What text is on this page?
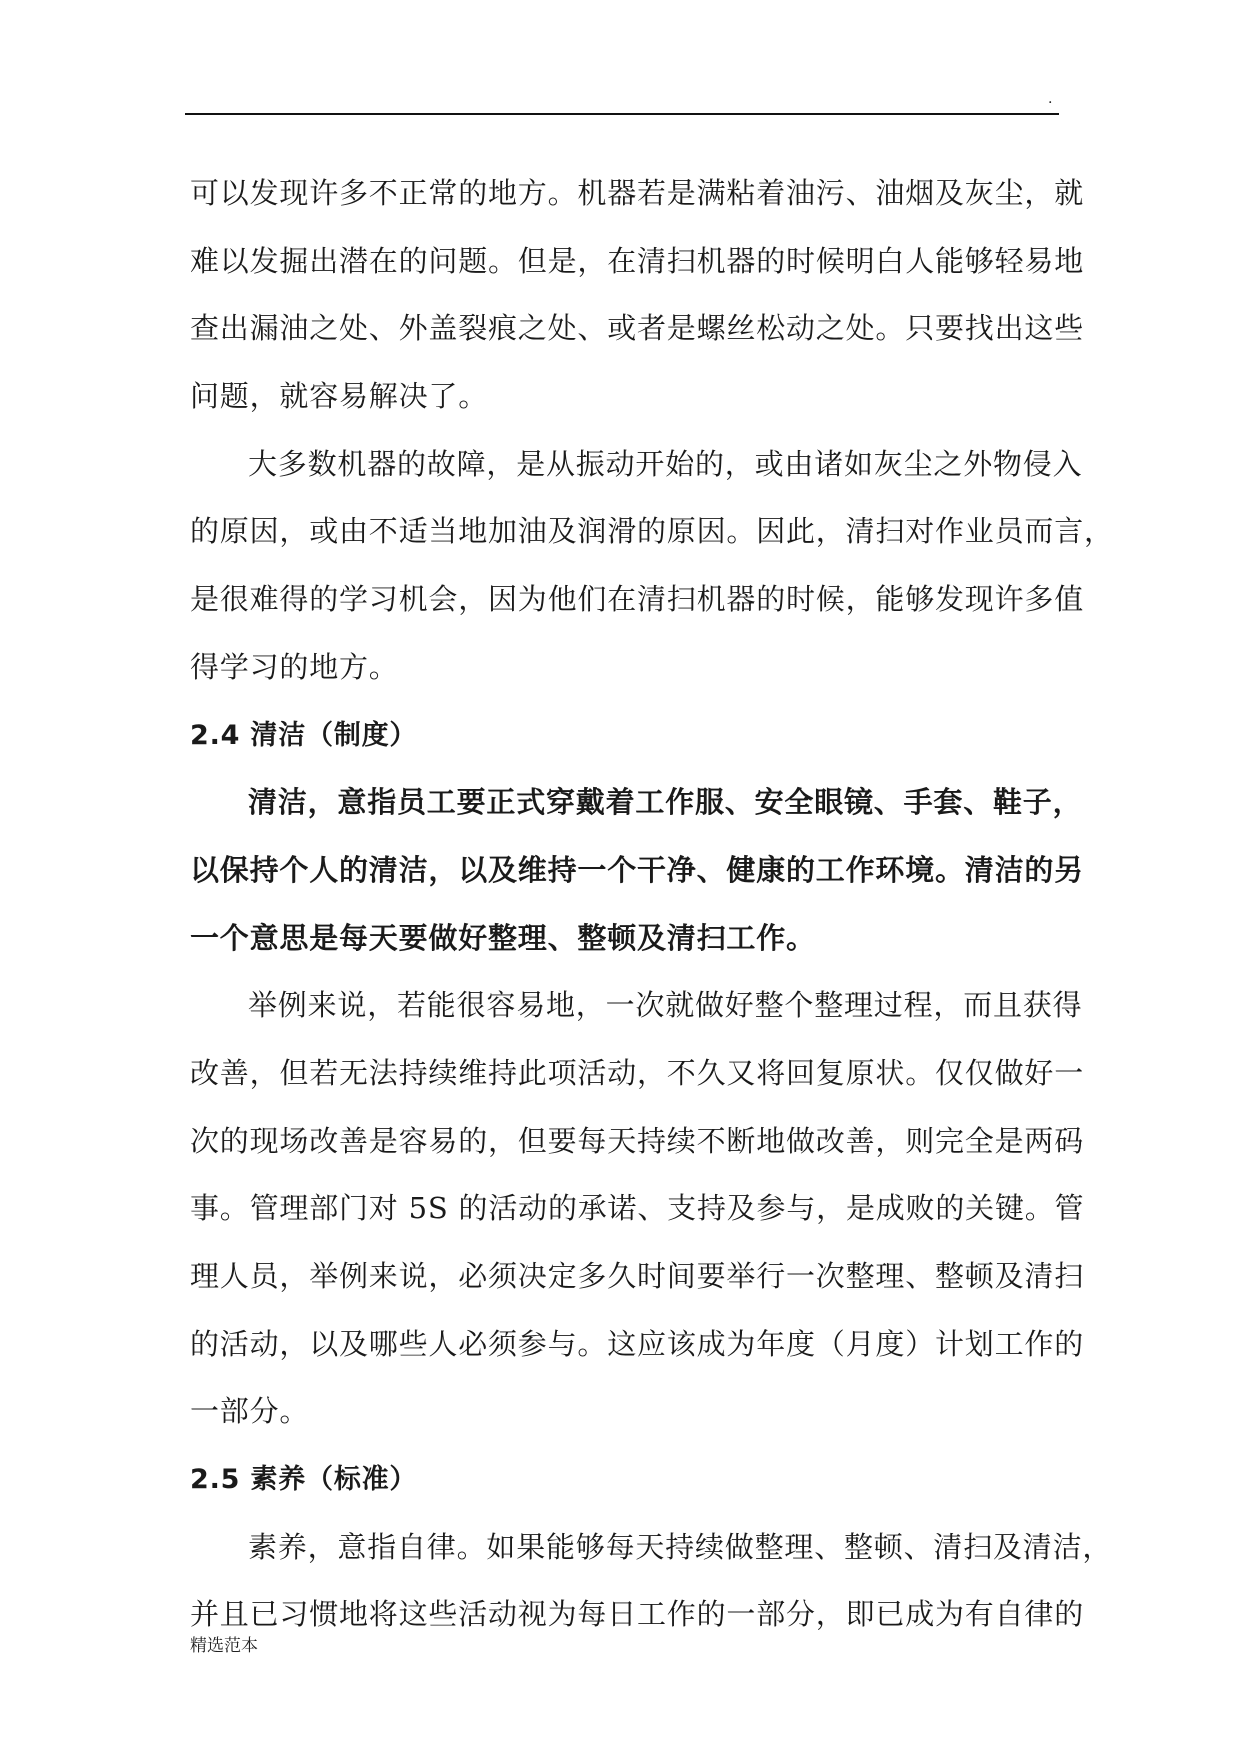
.
可以发现许多不正常的地方。机器若是满粘着油污、油烟及灰尘，就
难以发掘出潜在的问题。但是，在清扫机器的时候明白人能够轻易地
查出漏油之处、外盖裂痕之处、或者是螺丝松动之处。只要找出这些
问题，就容易解决了。
大多数机器的故障，是从振动开始的，或由诸如灰尘之外物侵入
的原因，或由不适当地加油及润滑的原因。因此，清扫对作业员而言，
是很难得的学习机会，因为他们在清扫机器的时候，能够发现许多值
得学习的地方。
2.4 清洁（制度）
清洁，意指员工要正式穿戴着工作服、安全眼镜、手套、鞋子，
以保持个人的清洁，以及维持一个干净、健康的工作环境。清洁的另
一个意思是每天要做好整理、整顿及清扫工作。
举例来说，若能很容易地，一次就做好整个整理过程，而且获得
改善，但若无法持续维持此项活动，不久又将回复原状。仅仅做好一
次的现场改善是容易的，但要每天持续不断地做改善，则完全是两码
事。管理部门对 5S 的活动的承诺、支持及参与，是成败的关键。管
理人员，举例来说，必须决定多久时间要举行一次整理、整顿及清扫
的活动，以及哪些人必须参与。这应该成为年度（月度）计划工作的
一部分。
2.5 素养（标准）
素养，意指自律。如果能够每天持续做整理、整顿、清扫及清洁，
并且已习惯地将这些活动视为每日工作的一部分，即已成为有自律的
精选范本
